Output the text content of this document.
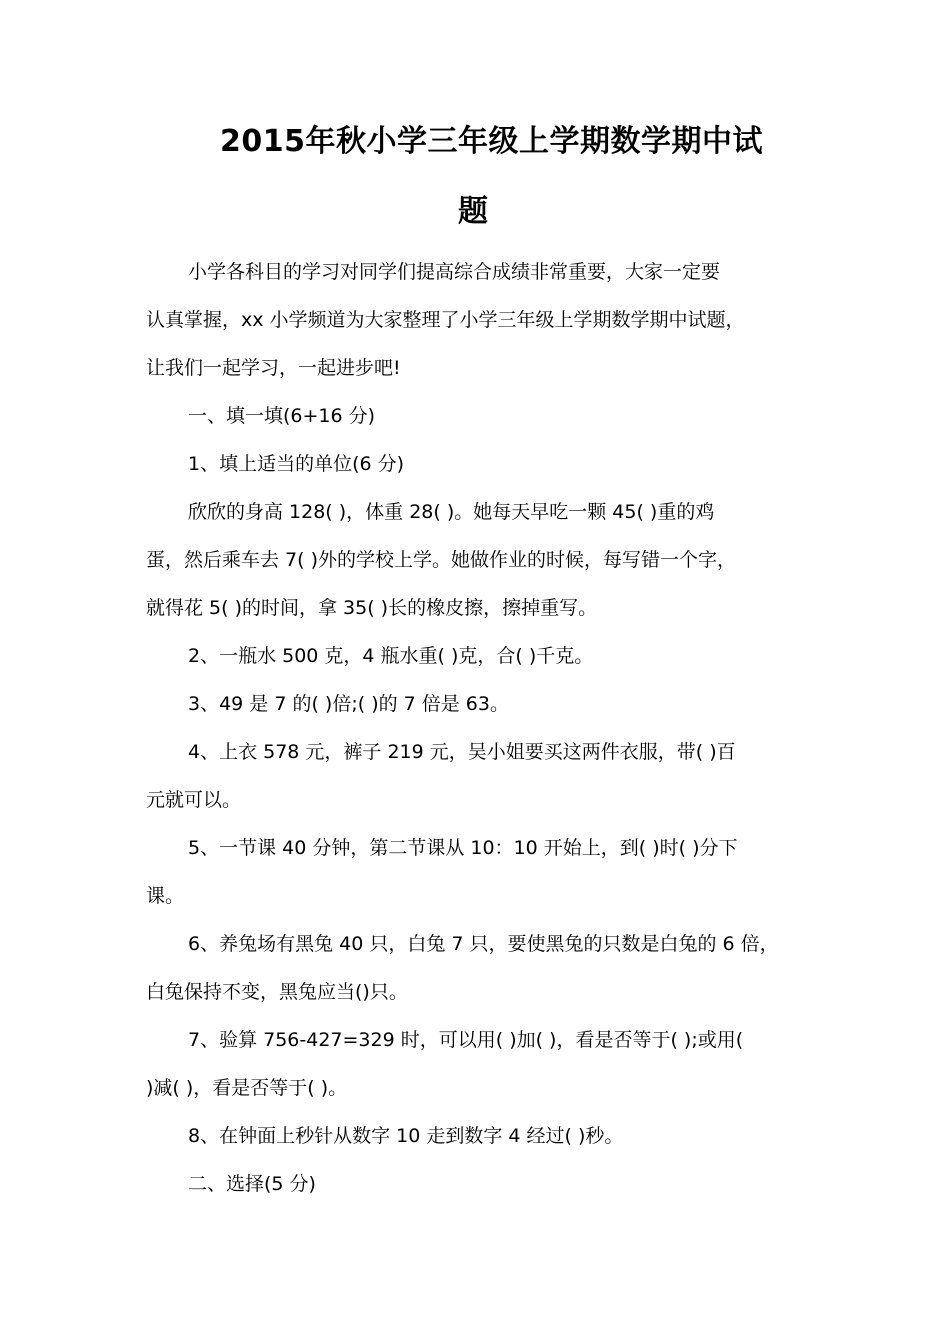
2015年秋小学三年级上学期数学期中试
题
小学各科目的学习对同学们提高综合成绩非常重要，大家一定要
认真掌握，xx 小学频道为大家整理了小学三年级上学期数学期中试题，
让我们一起学习，一起进步吧!
一、填一填(6+16 分)
1、填上适当的单位(6 分)
欣欣的身高 128( )，体重 28( )。她每天早吃一颗 45( )重的鸡
蛋，然后乘车去 7( )外的学校上学。她做作业的时候，每写错一个字，
就得花 5( )的时间，拿 35( )长的橡皮擦，擦掉重写。
2、一瓶水 500 克，4 瓶水重( )克，合( )千克。
3、49 是 7 的( )倍;( )的 7 倍是 63。
4、上衣 578 元，裤子 219 元，吴小姐要买这两件衣服，带( )百
元就可以。
5、一节课 40 分钟，第二节课从 10：10 开始上，到( )时( )分下
课。
6、养兔场有黑兔 40 只，白兔 7 只，要使黑兔的只数是白兔的 6 倍，
白兔保持不变，黑兔应当()只。
7、验算 756-427=329 时，可以用( )加( )，看是否等于( );或用(
)减( )，看是否等于( )。
8、在钟面上秒针从数字 10 走到数字 4 经过( )秒。
二、选择(5 分)
